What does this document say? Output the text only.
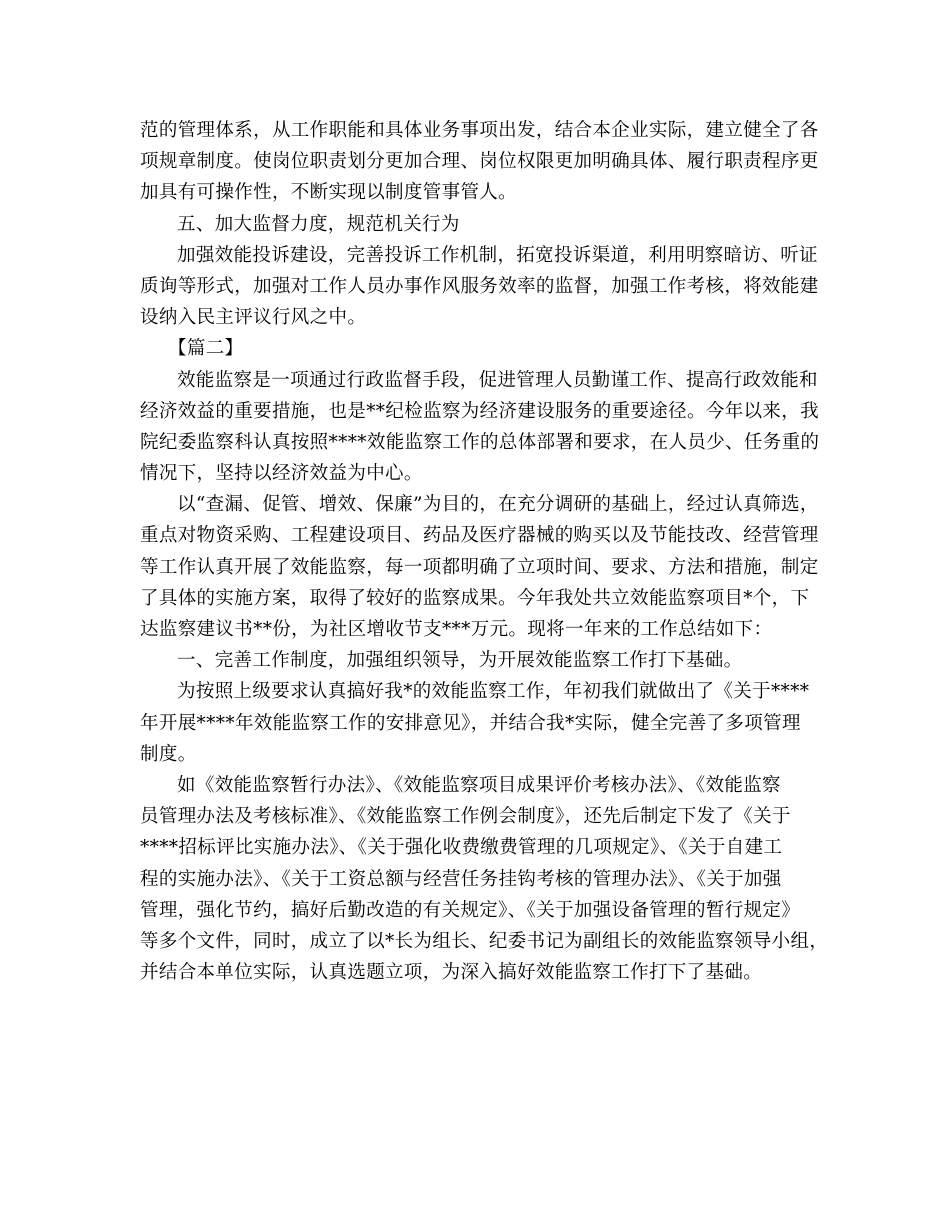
范的管理体系，从工作职能和具体业务事项出发，结合本企业实际，建立健全了各
项规章制度。使岗位职责划分更加合理、岗位权限更加明确具体、履行职责程序更
加具有可操作性，不断实现以制度管事管人。
五、加大监督力度，规范机关行为
加强效能投诉建设，完善投诉工作机制，拓宽投诉渠道，利用明察暗访、听证
质询等形式，加强对工作人员办事作风服务效率的监督，加强工作考核，将效能建
设纳入民主评议行风之中。
【篇二】
效能监察是一项通过行政监督手段，促进管理人员勤谨工作、提高行政效能和
经济效益的重要措施，也是**纪检监察为经济建设服务的重要途径。今年以来，我
院纪委监察科认真按照****效能监察工作的总体部署和要求，在人员少、任务重的
情况下，坚持以经济效益为中心。
以“查漏、促管、增效、保廉”为目的，在充分调研的基础上，经过认真筛选，
重点对物资采购、工程建设项目、药品及医疗器械的购买以及节能技改、经营管理
等工作认真开展了效能监察，每一项都明确了立项时间、要求、方法和措施，制定
了具体的实施方案，取得了较好的监察成果。今年我处共立效能监察项目*个，下
达监察建议书**份，为社区增收节支***万元。现将一年来的工作总结如下：
一、完善工作制度，加强组织领导，为开展效能监察工作打下基础。
为按照上级要求认真搞好我*的效能监察工作，年初我们就做出了《关于****
年开展****年效能监察工作的安排意见》，并结合我*实际，健全完善了多项管理
制度。
如《效能监察暂行办法》、《效能监察项目成果评价考核办法》、《效能监察
员管理办法及考核标准》、《效能监察工作例会制度》，还先后制定下发了《关于
****招标评比实施办法》、《关于强化收费缴费管理的几项规定》、《关于自建工
程的实施办法》、《关于工资总额与经营任务挂钩考核的管理办法》、《关于加强
管理，强化节约，搞好后勤改造的有关规定》、《关于加强设备管理的暂行规定》
等多个文件，同时，成立了以*长为组长、纪委书记为副组长的效能监察领导小组，
并结合本单位实际，认真选题立项，为深入搞好效能监察工作打下了基础。
